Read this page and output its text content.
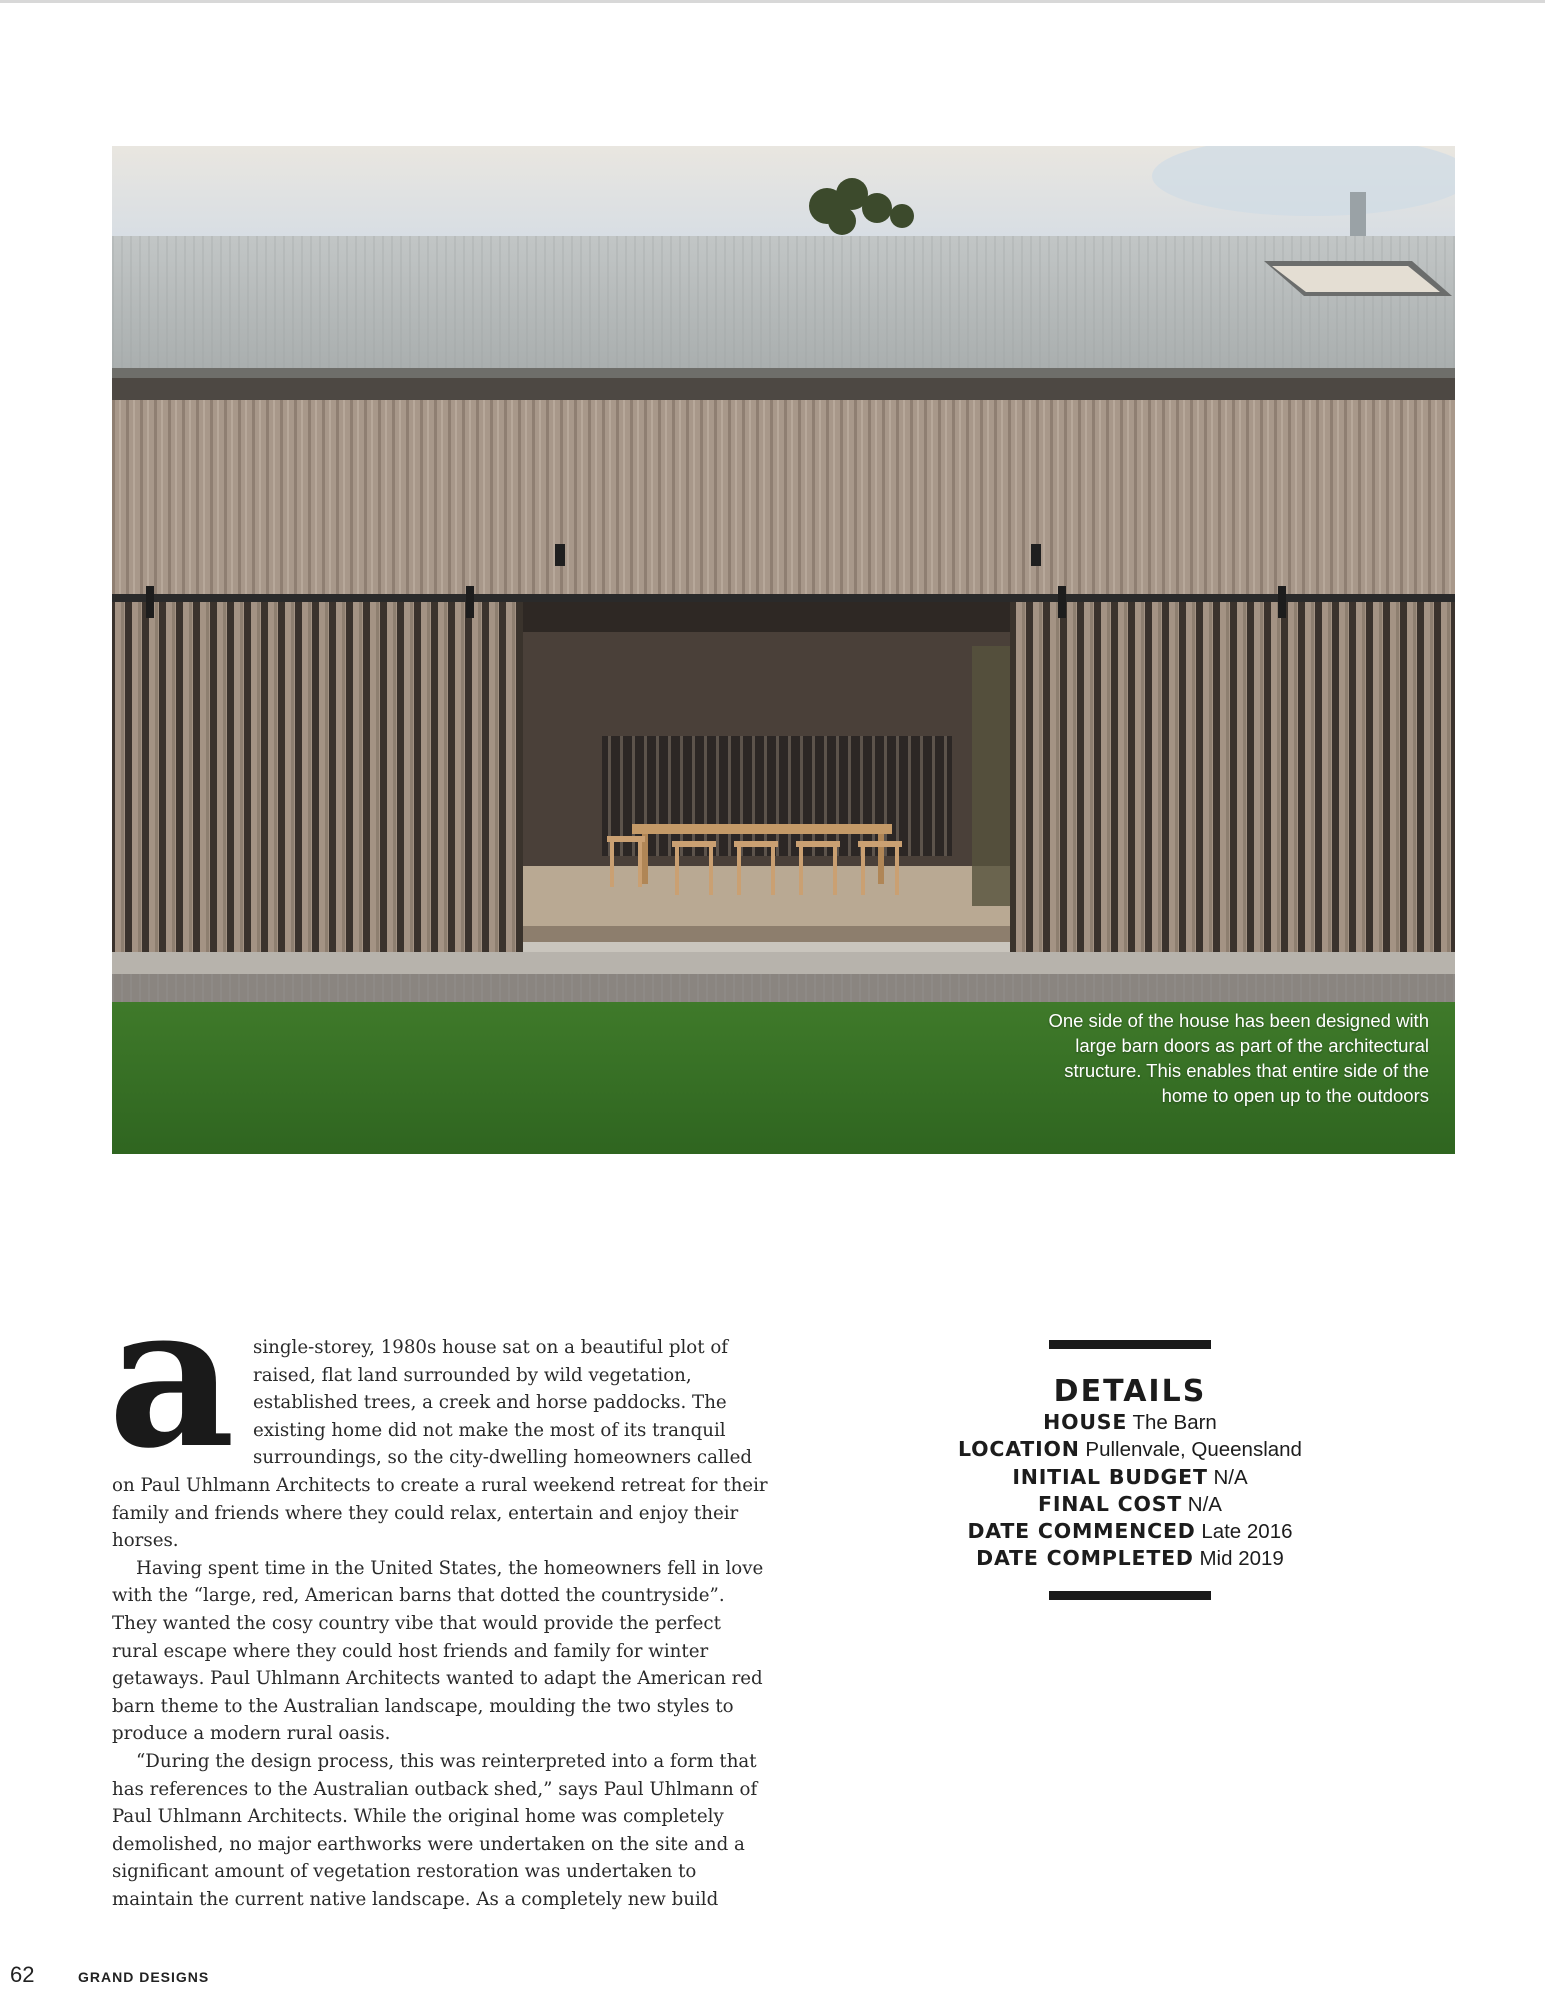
One side of the house has been designed with large barn doors as part of the architectural structure. This enables that entire side of the home to open up to the outdoors
a single-storey, 1980s house sat on a beautiful plot of raised, flat land surrounded by wild vegetation, established trees, a creek and horse paddocks. The existing home did not make the most of its tranquil surroundings, so the city-dwelling homeowners called on Paul Uhlmann Architects to create a rural weekend retreat for their family and friends where they could relax, entertain and enjoy their horses.

Having spent time in the United States, the homeowners fell in love with the “large, red, American barns that dotted the countryside”. They wanted the cosy country vibe that would provide the perfect rural escape where they could host friends and family for winter getaways. Paul Uhlmann Architects wanted to adapt the American red barn theme to the Australian landscape, moulding the two styles to produce a modern rural oasis.

“During the design process, this was reinterpreted into a form that has references to the Australian outback shed,” says Paul Uhlmann of Paul Uhlmann Architects. While the original home was completely demolished, no major earthworks were undertaken on the site and a significant amount of vegetation restoration was undertaken to maintain the current native landscape. As a completely new build

DETAILS
HOUSE The Barn
LOCATION Pullenvale, Queensland
INITIAL BUDGET N/A
FINAL COST N/A
DATE COMMENCED Late 2016
DATE COMPLETED Mid 2019
62	GRAND DESIGNS
